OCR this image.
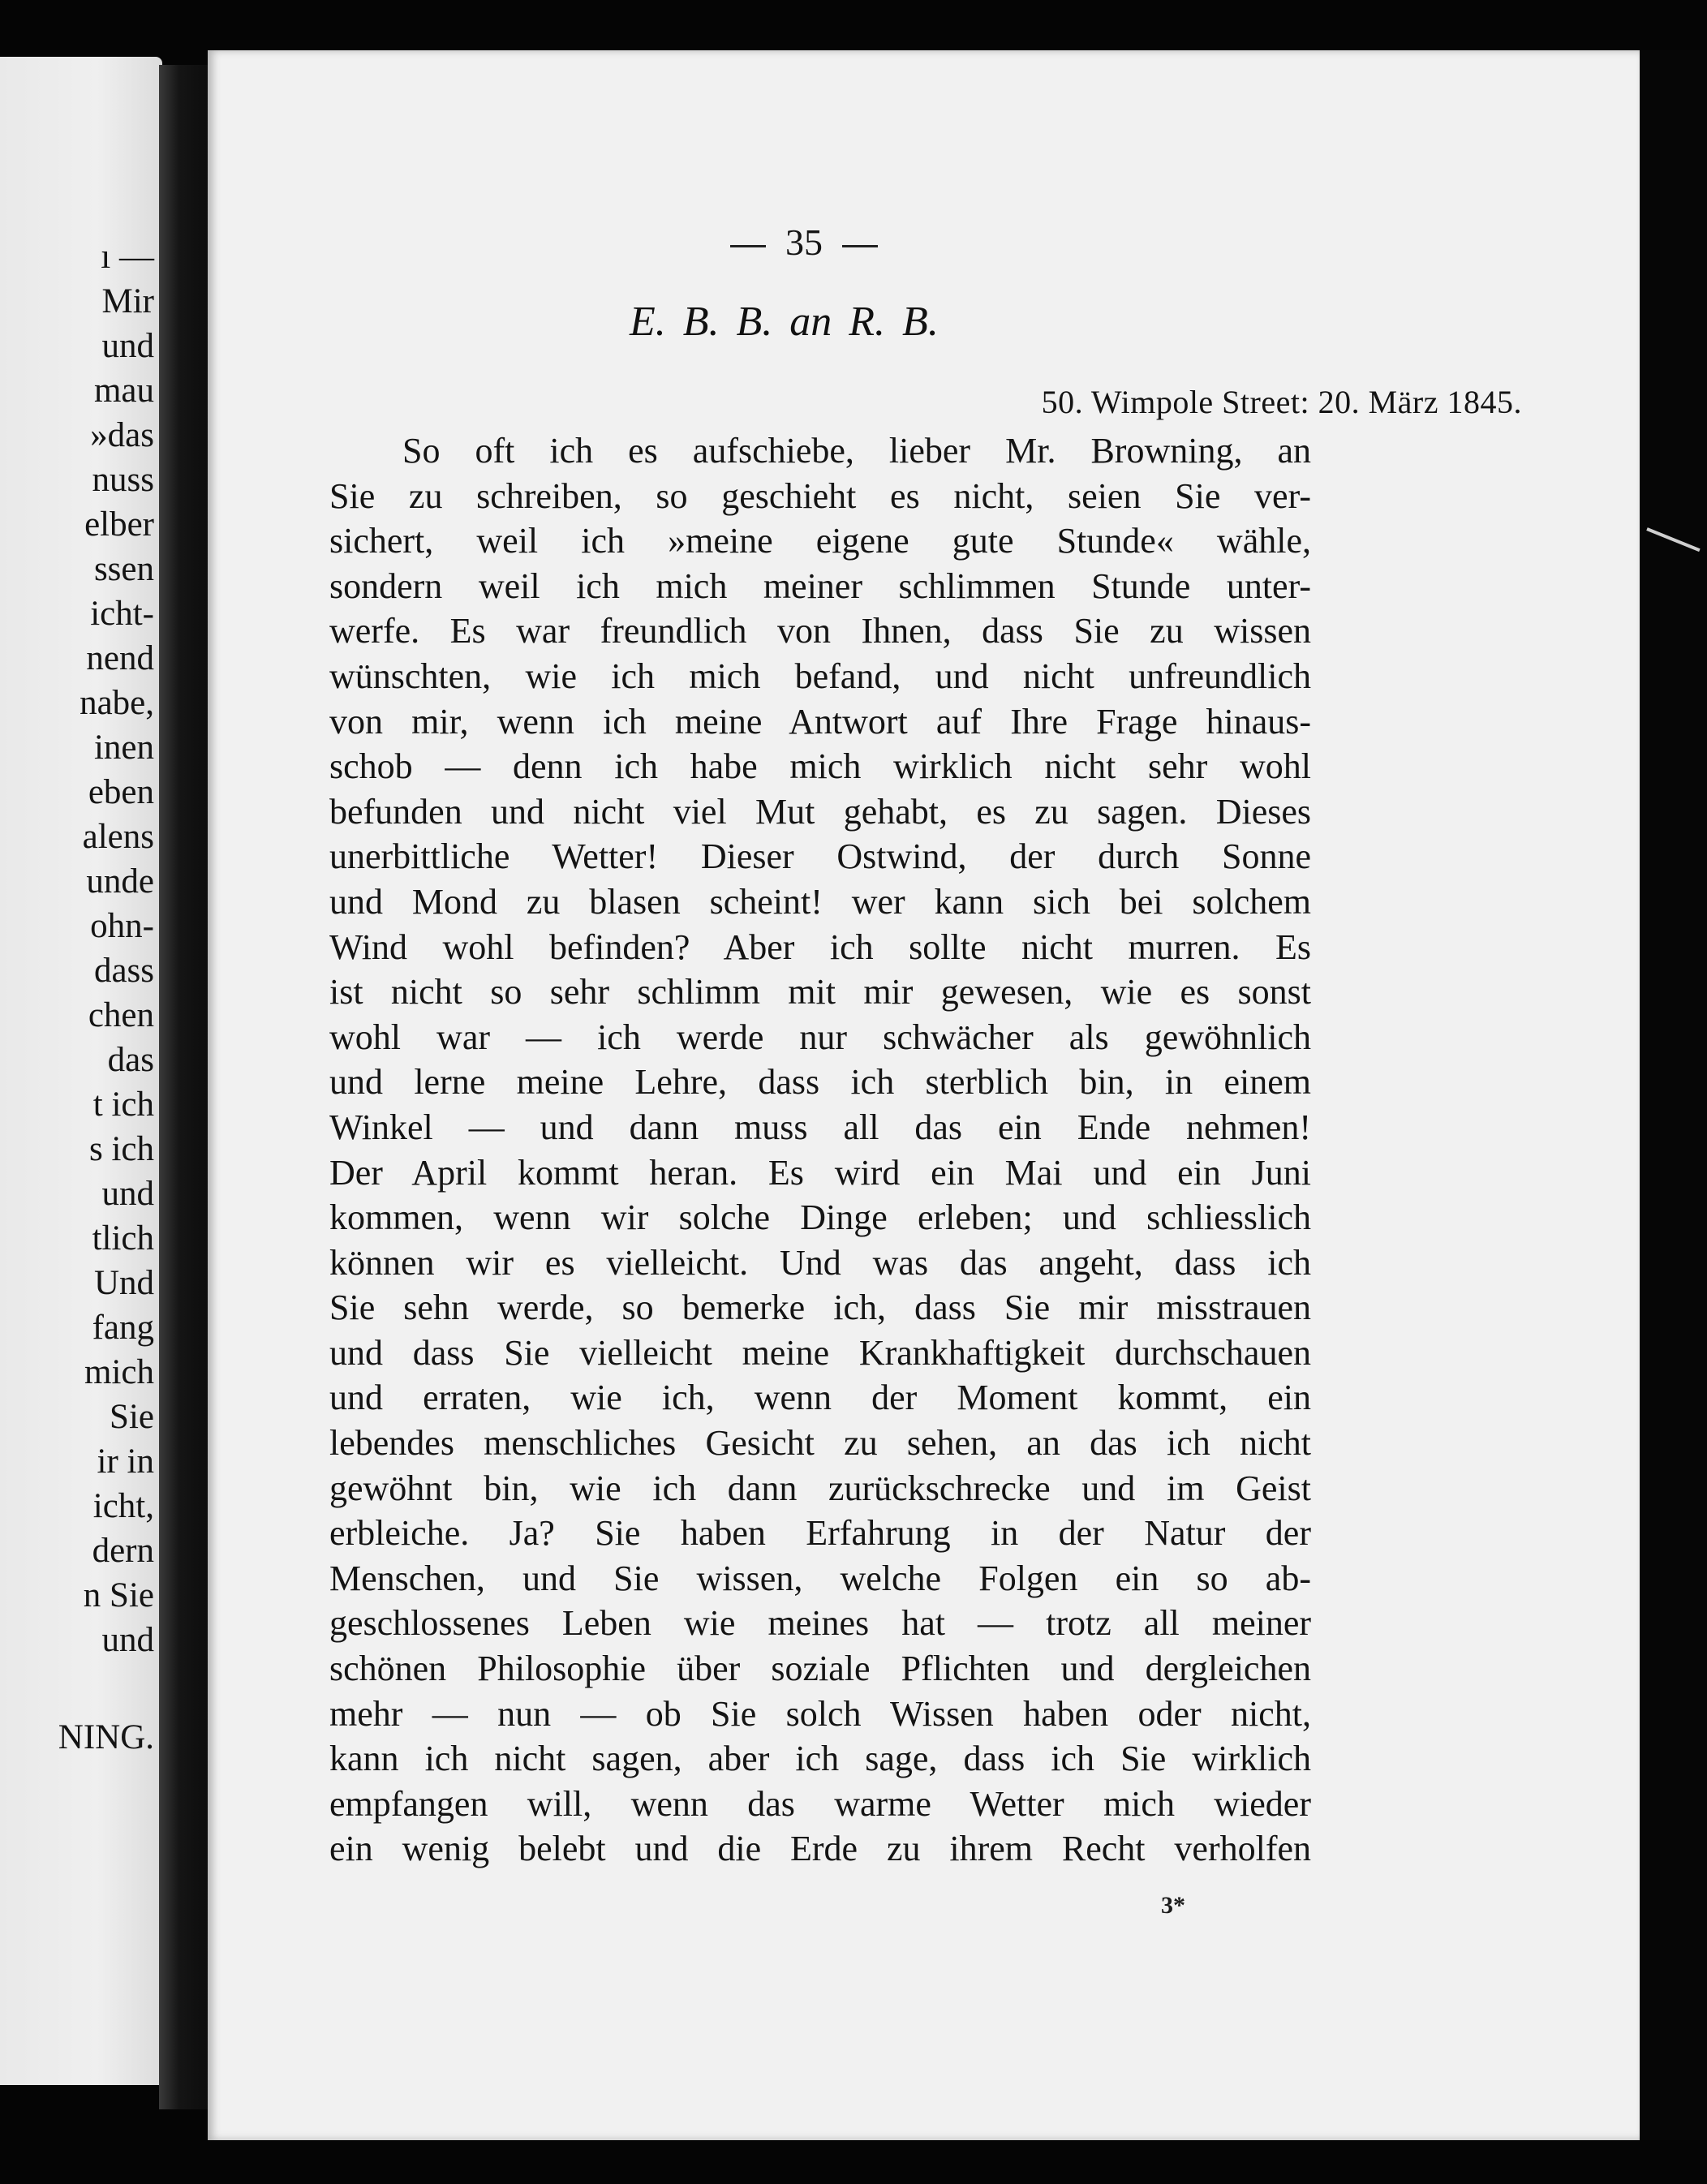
ı —
Mir
und
mau
»das
nuss
elber
ssen
icht-
nend
nabe,
inen
eben
alens
unde
ohn-
dass
chen
das
t ich
s ich
und
tlich
Und
fang
mich
Sie
ir in
icht,
dern
n Sie
und
NING.
35
E. B. B. an R. B.
50. Wimpole Street: 20. März 1845.
So oft ich es aufschiebe, lieber Mr. Browning, an
Sie zu schreiben, so geschieht es nicht, seien Sie ver-
sichert, weil ich »meine eigene gute Stunde« wähle,
sondern weil ich mich meiner schlimmen Stunde unter-
werfe. Es war freundlich von Ihnen, dass Sie zu wissen
wünschten, wie ich mich befand, und nicht unfreundlich
von mir, wenn ich meine Antwort auf Ihre Frage hinaus-
schob — denn ich habe mich wirklich nicht sehr wohl
befunden und nicht viel Mut gehabt, es zu sagen. Dieses
unerbittliche Wetter! Dieser Ostwind, der durch Sonne
und Mond zu blasen scheint! wer kann sich bei solchem
Wind wohl befinden? Aber ich sollte nicht murren. Es
ist nicht so sehr schlimm mit mir gewesen, wie es sonst
wohl war — ich werde nur schwächer als gewöhnlich
und lerne meine Lehre, dass ich sterblich bin, in einem
Winkel — und dann muss all das ein Ende nehmen!
Der April kommt heran. Es wird ein Mai und ein Juni
kommen, wenn wir solche Dinge erleben; und schliesslich
können wir es vielleicht. Und was das angeht, dass ich
Sie sehn werde, so bemerke ich, dass Sie mir misstrauen
und dass Sie vielleicht meine Krankhaftigkeit durchschauen
und erraten, wie ich, wenn der Moment kommt, ein
lebendes menschliches Gesicht zu sehen, an das ich nicht
gewöhnt bin, wie ich dann zurückschrecke und im Geist
erbleiche. Ja? Sie haben Erfahrung in der Natur der
Menschen, und Sie wissen, welche Folgen ein so ab-
geschlossenes Leben wie meines hat — trotz all meiner
schönen Philosophie über soziale Pflichten und dergleichen
mehr — nun — ob Sie solch Wissen haben oder nicht,
kann ich nicht sagen, aber ich sage, dass ich Sie wirklich
empfangen will, wenn das warme Wetter mich wieder
ein wenig belebt und die Erde zu ihrem Recht verholfen
3*
